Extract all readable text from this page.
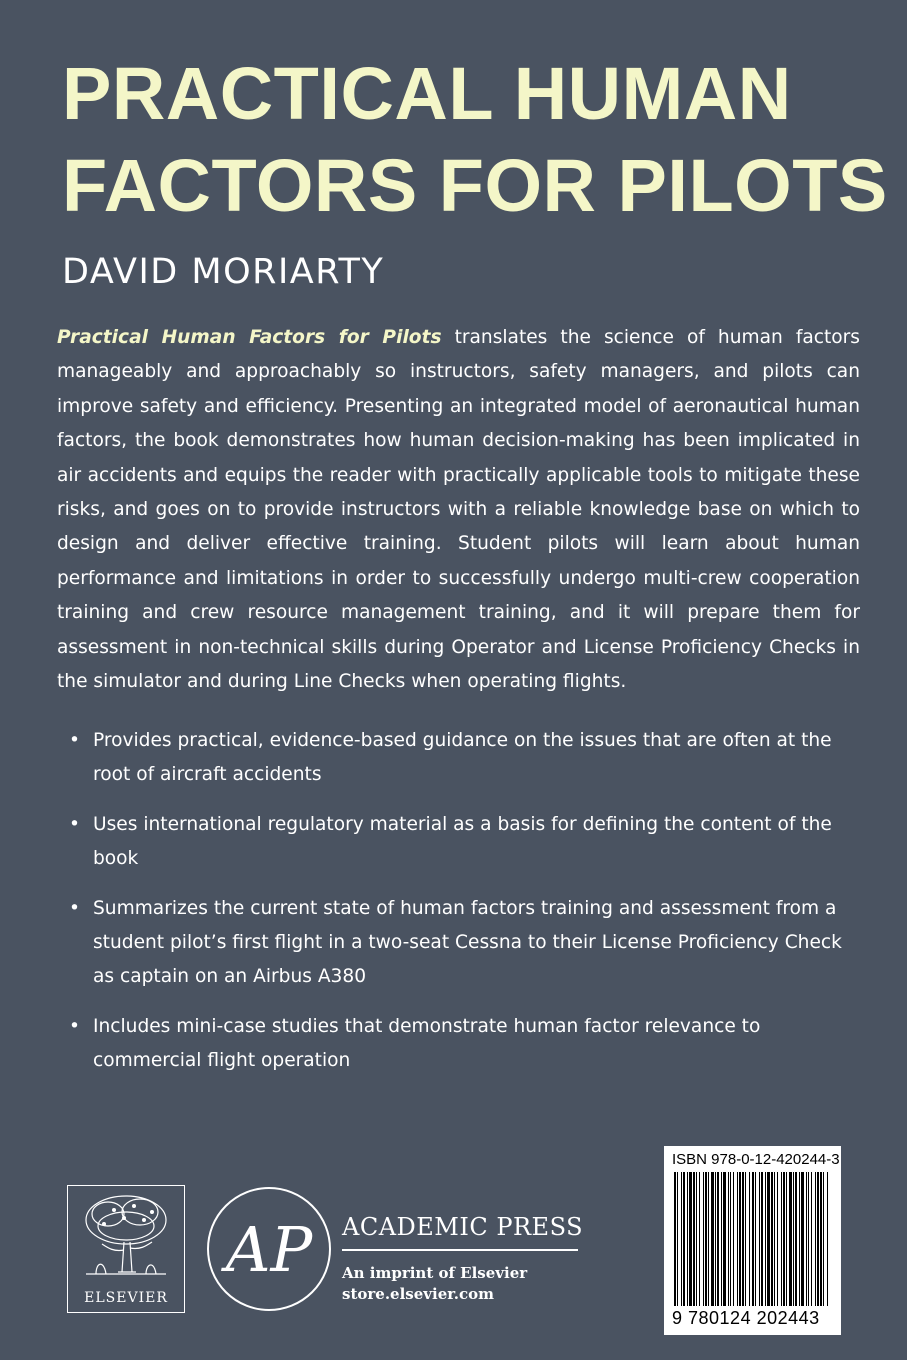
PRACTICAL HUMAN
FACTORS FOR PILOTS
DAVID MORIARTY

Practical Human Factors for Pilots translates the science of human factors manageably and approachably so instructors, safety managers, and pilots can improve safety and efficiency. Presenting an integrated model of aeronautical human factors, the book demonstrates how human decision-making has been implicated in air accidents and equips the reader with practically applicable tools to mitigate these risks, and goes on to provide instructors with a reliable knowledge base on which to design and deliver effective training. Student pilots will learn about human performance and limitations in order to successfully undergo multi-crew cooperation training and crew resource management training, and it will prepare them for assessment in non-technical skills during Operator and License Proficiency Checks in the simulator and during Line Checks when operating flights.

• Provides practical, evidence-based guidance on the issues that are often at the root of aircraft accidents
• Uses international regulatory material as a basis for defining the content of the book
• Summarizes the current state of human factors training and assessment from a student pilot’s first flight in a two-seat Cessna to their License Proficiency Check as captain on an Airbus A380
• Includes mini-case studies that demonstrate human factor relevance to commercial flight operation
ELSEVIER
AP ACADEMIC PRESS
An imprint of Elsevier
store.elsevier.com
ISBN 978-0-12-420244-3
9 780124 202443
